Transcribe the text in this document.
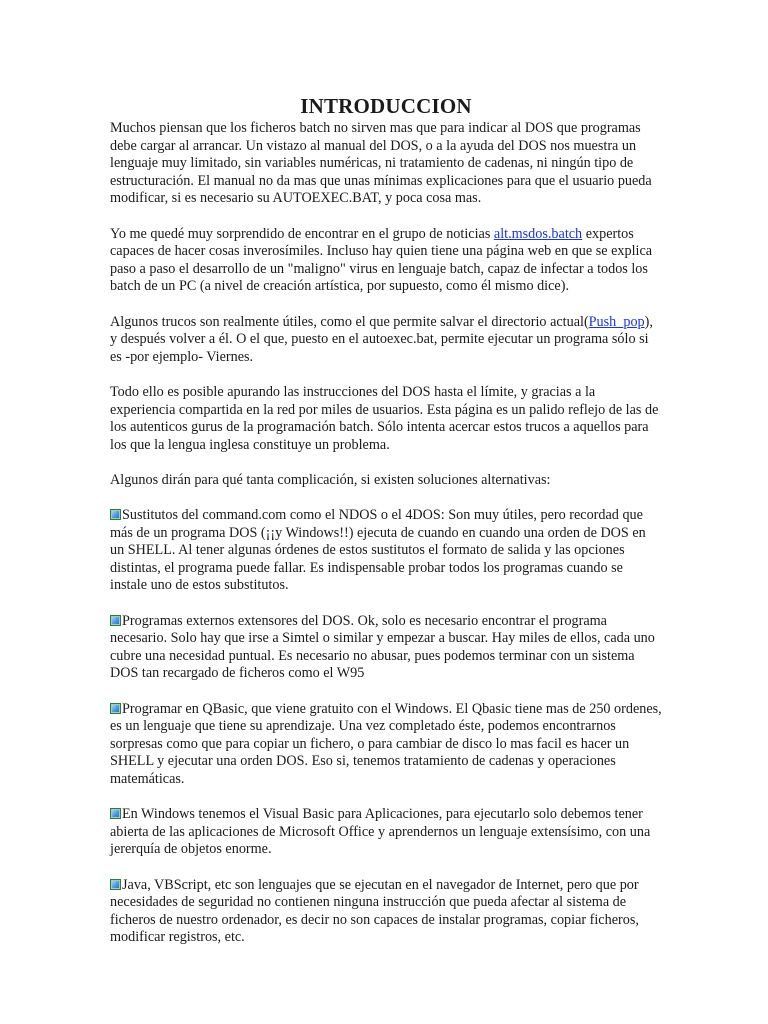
INTRODUCCION

Muchos piensan que los ficheros batch no sirven mas que para indicar al DOS que programas debe cargar al arrancar. Un vistazo al manual del DOS, o a la ayuda del DOS nos muestra un lenguaje muy limitado, sin variables numéricas, ni tratamiento de cadenas, ni ningún tipo de estructuración. El manual no da mas que unas mínimas explicaciones para que el usuario pueda modificar, si es necesario su AUTOEXEC.BAT, y poca cosa mas.

Yo me quedé muy sorprendido de encontrar en el grupo de noticias alt.msdos.batch expertos capaces de hacer cosas inverosímiles. Incluso hay quien tiene una página web en que se explica paso a paso el desarrollo de un "maligno" virus en lenguaje batch, capaz de infectar a todos los batch de un PC (a nivel de creación artística, por supuesto, como él mismo dice).

Algunos trucos son realmente útiles, como el que permite salvar el directorio actual(Push_pop), y después volver a él. O el que, puesto en el autoexec.bat, permite ejecutar un programa sólo si es -por ejemplo- Viernes.

Todo ello es posible apurando las instrucciones del DOS hasta el límite, y gracias a la experiencia compartida en la red por miles de usuarios. Esta página es un palido reflejo de las de los autenticos gurus de la programación batch. Sólo intenta acercar estos trucos a aquellos para los que la lengua inglesa constituye un problema.

Algunos dirán para qué tanta complicación, si existen soluciones alternativas:

Sustitutos del command.com como el NDOS o el 4DOS: Son muy útiles, pero recordad que más de un programa DOS (¡¡y Windows!!) ejecuta de cuando en cuando una orden de DOS en un SHELL. Al tener algunas órdenes de estos sustitutos el formato de salida y las opciones distintas, el programa puede fallar. Es indispensable probar todos los programas cuando se instale uno de estos substitutos.

Programas externos extensores del DOS. Ok, solo es necesario encontrar el programa necesario. Solo hay que irse a Simtel o similar y empezar a buscar. Hay miles de ellos, cada uno cubre una necesidad puntual. Es necesario no abusar, pues podemos terminar con un sistema DOS tan recargado de ficheros como el W95

Programar en QBasic, que viene gratuito con el Windows. El Qbasic tiene mas de 250 ordenes, es un lenguaje que tiene su aprendizaje. Una vez completado éste, podemos encontrarnos sorpresas como que para copiar un fichero, o para cambiar de disco lo mas facil es hacer un SHELL y ejecutar una orden DOS. Eso si, tenemos tratamiento de cadenas y operaciones matemáticas.

En Windows tenemos el Visual Basic para Aplicaciones, para ejecutarlo solo debemos tener abierta de las aplicaciones de Microsoft Office y aprendernos un lenguaje extensísimo, con una jererquía de objetos enorme.

Java, VBScript, etc son lenguajes que se ejecutan en el navegador de Internet, pero que por necesidades de seguridad no contienen ninguna instrucción que pueda afectar al sistema de ficheros de nuestro ordenador, es decir no son capaces de instalar programas, copiar ficheros, modificar registros, etc.
